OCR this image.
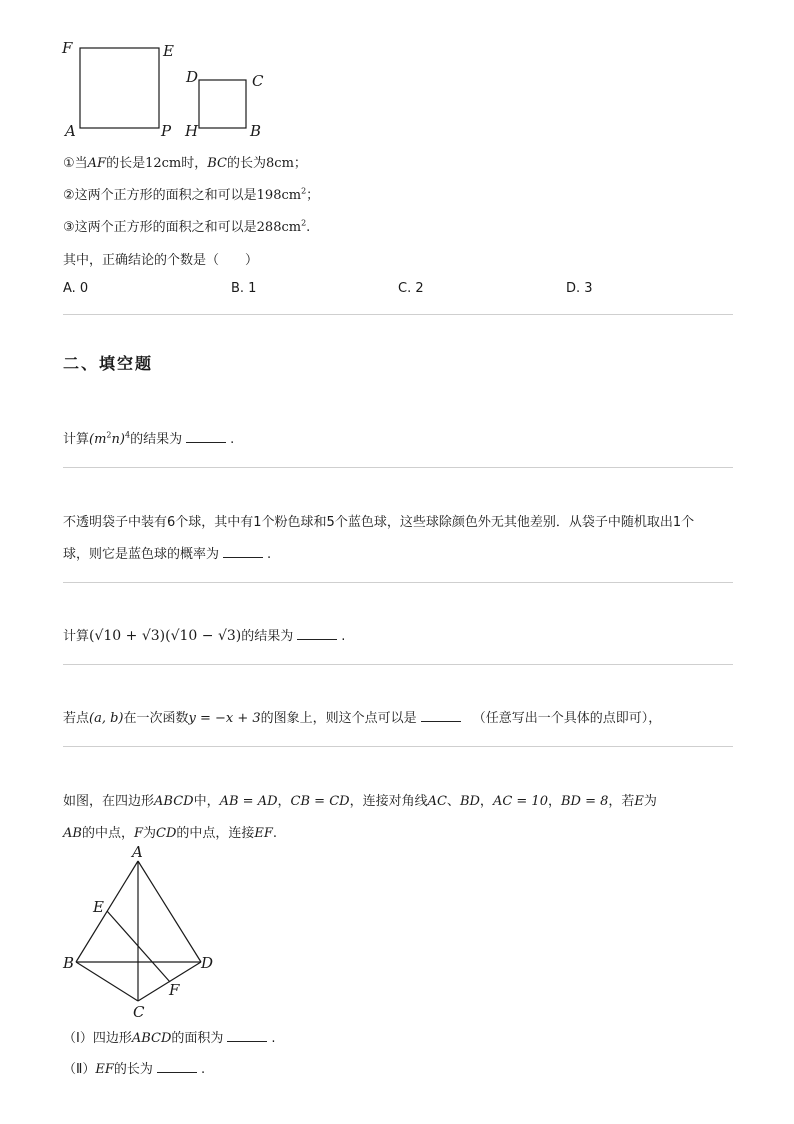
F	E
A	P
D	C
H	B
①当AF的长是12cm时，BC的长为8cm；
②这两个正方形的面积之和可以是$198cm^2$；
③这两个正方形的面积之和可以是$288cm^2$.
其中，正确结论的个数是（　　）
A. 0	B. 1	C. 2	D. 3
二、填空题
计算$(m^2n)^4$的结果为	.
不透明袋子中装有6个球，其中有1个粉色球和5个蓝色球，这些球除颜色外无其他差别．从袋子中随机取出1个
球，则它是蓝色球的概率为	.
计算(√10 + √3)(√10 − √3)的结果为	.
若点(a, b)在一次函数y = −x + 3的图象上，则这个点可以是	（任意写出一个具体的点即可），
如图，在四边形ABCD中，AB = AD，CB = CD，连接对角线AC、BD，AC = 10，BD = 8，若E为
AB的中点，F为CD的中点，连接EF.
A
E
B	D
F
C
（Ⅰ）四边形ABCD的面积为	.
（Ⅱ）EF的长为	.
